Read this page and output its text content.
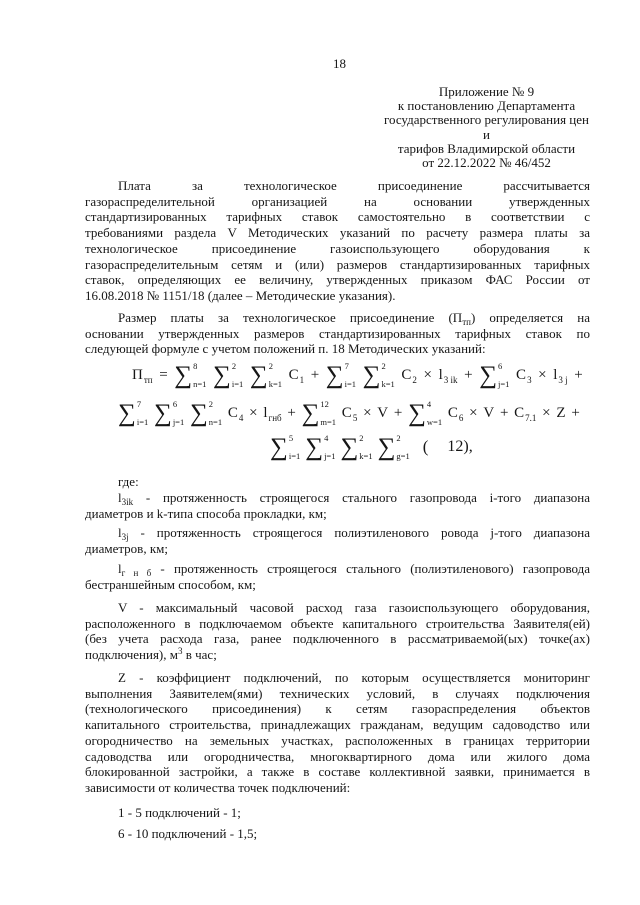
18
Приложение № 9
к постановлению Департамента
государственного регулирования цен и
тарифов Владимирской области
от 22.12.2022 № 46/452
Плата за технологическое присоединение рассчитывается
газораспределительной организацией на основании утвержденных
стандартизированных тарифных ставок самостоятельно в соответствии с
требованиями раздела V Методических указаний по расчету размера платы за
технологическое присоединение газоиспользующего оборудования к
газораспределительным сетям и (или) размеров стандартизированных тарифных
ставок, определяющих ее величину, утвержденных приказом ФАС России от
16.08.2018 № 1151/18 (далее – Методические указания).
Размер платы за технологическое присоединение $(П_{тп})$ определяется на
основании утвержденных размеров стандартизированных тарифных ставок по
следующей формуле с учетом положений п. 18 Методических указаний:
$П_{тп}$ = ∑ 8
n=1 ∑ 2
i=1 ∑ 2
k=1
$C_1$ + ∑ 7
i=1 ∑ 2
k=1
$C_2 \times l_{3 ik}$ + ∑ 6
j=1
$C_3 \times l_{3 j}$ +
∑ 7
i=1 ∑ 6
j=1 ∑ 2
n=1
$C_4 \times l_{гнб}$ + ∑ 12
m=1
$C_5 \times V$ + ∑ 4
w=1
$C_6 \times V + C_{7.1} \times Z$ +
∑ 5
i=1 ∑ 4
j=1 ∑ 2
k=1 ∑ 2
g=1 ( 12),
где:
$l_{3ik}$ - протяженность строящегося стального газопровода i-того диапазона
диаметров и k-типа способа прокладки, км;
$l_{3j}$ - протяженность строящегося полиэтиленового ровода j-того диапазона
диаметров, км;
$l_{г н б}$ - протяженность строящегося стального (полиэтиленового) газопровода
бестраншейным способом, км;
V - максимальный часовой расход газа газоиспользующего оборудования,
расположенного в подключаемом объекте капитального строительства Заявителя(ей)
(без учета расхода газа, ранее подключенного в рассматриваемой(ых) точке(ах)
подключения), $м^3$ в час;
Z - коэффициент подключений, по которым осуществляется мониторинг
выполнения Заявителем(ями) технических условий, в случаях подключения
(технологического присоединения) к сетям газораспределения объектов
капитального строительства, принадлежащих гражданам, ведущим садоводство или
огородничество на земельных участках, расположенных в границах территории
садоводства или огородничества, многоквартирного дома или жилого дома
блокированной застройки, а также в составе коллективной заявки, принимается в
зависимости от количества точек подключений:
1 - 5 подключений - 1;
6 - 10 подключений - 1,5;
